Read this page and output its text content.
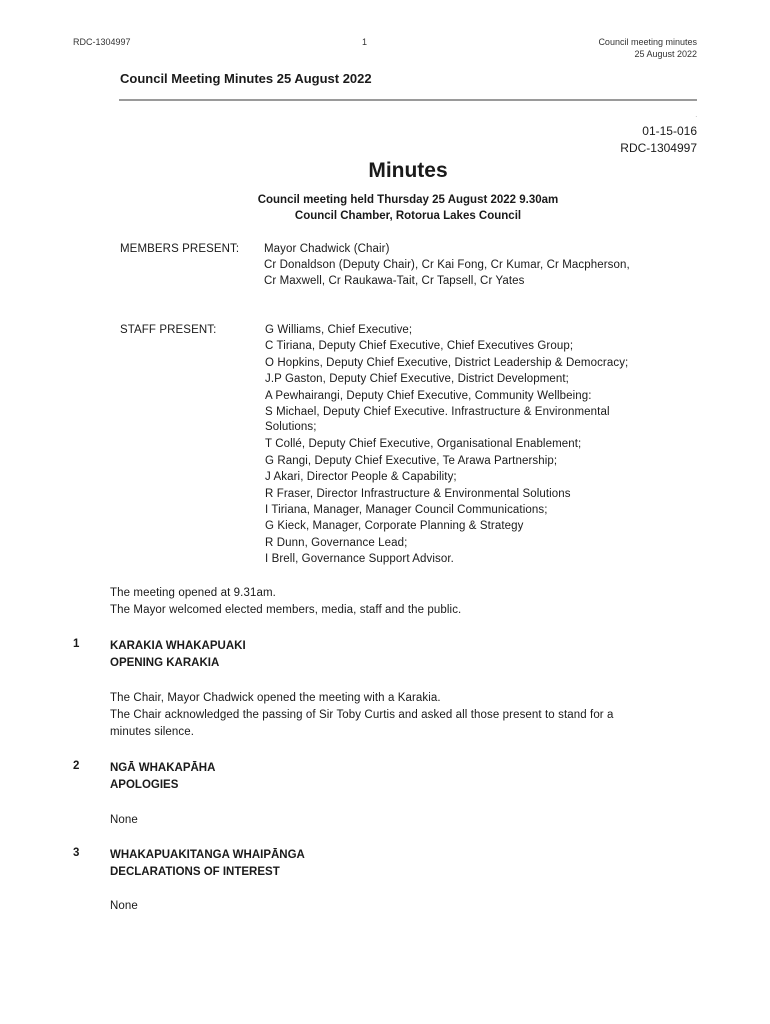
RDC-1304997	1	Council meeting minutes
25 August 2022
Council Meeting Minutes 25 August 2022
.
01-15-016
RDC-1304997
Minutes
Council meeting held Thursday 25 August 2022 9.30am
Council Chamber, Rotorua Lakes Council
MEMBERS PRESENT: Mayor Chadwick (Chair)
Cr Donaldson (Deputy Chair), Cr Kai Fong, Cr Kumar, Cr Macpherson,
Cr Maxwell, Cr Raukawa-Tait, Cr Tapsell, Cr Yates
STAFF PRESENT:	G Williams, Chief Executive;
C Tiriana, Deputy Chief Executive, Chief Executives Group;
O Hopkins, Deputy Chief Executive, District Leadership & Democracy;
J.P Gaston, Deputy Chief Executive, District Development;
A Pewhairangi, Deputy Chief Executive, Community Wellbeing:
S Michael, Deputy Chief Executive. Infrastructure & Environmental
Solutions;
T Collé, Deputy Chief Executive, Organisational Enablement;
G Rangi, Deputy Chief Executive, Te Arawa Partnership;
J Akari, Director People & Capability;
R Fraser, Director Infrastructure & Environmental Solutions
I Tiriana, Manager, Manager Council Communications;
G Kieck, Manager, Corporate Planning & Strategy
R Dunn, Governance Lead;
I Brell, Governance Support Advisor.
The meeting opened at 9.31am.
The Mayor welcomed elected members, media, staff and the public.
1	KARAKIA WHAKAPUAKI
OPENING KARAKIA
The Chair, Mayor Chadwick opened the meeting with a Karakia.
The Chair acknowledged the passing of Sir Toby Curtis and asked all those present to stand for a
minutes silence.
2	NGĀ WHAKAPĀHA
APOLOGIES
None
3	WHAKAPUAKITANGA WHAIPĀNGA
DECLARATIONS OF INTEREST
None
